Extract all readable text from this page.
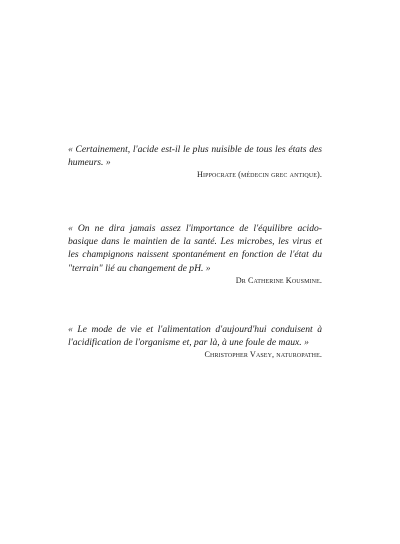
« Certainement, l'acide est-il le plus nuisible de tous les états des humeurs. »

Hippocrate (médecin grec antique).

« On ne dira jamais assez l'importance de l'équilibre acido-basique dans le maintien de la santé. Les microbes, les virus et les champignons naissent spontanément en fonction de l'état du "terrain" lié au changement de pH. »

Dr Catherine Kousmine.

« Le mode de vie et l'alimentation d'aujourd'hui conduisent à l'acidification de l'organisme et, par là, à une foule de maux. »

Christopher Vasey, naturopathe.
